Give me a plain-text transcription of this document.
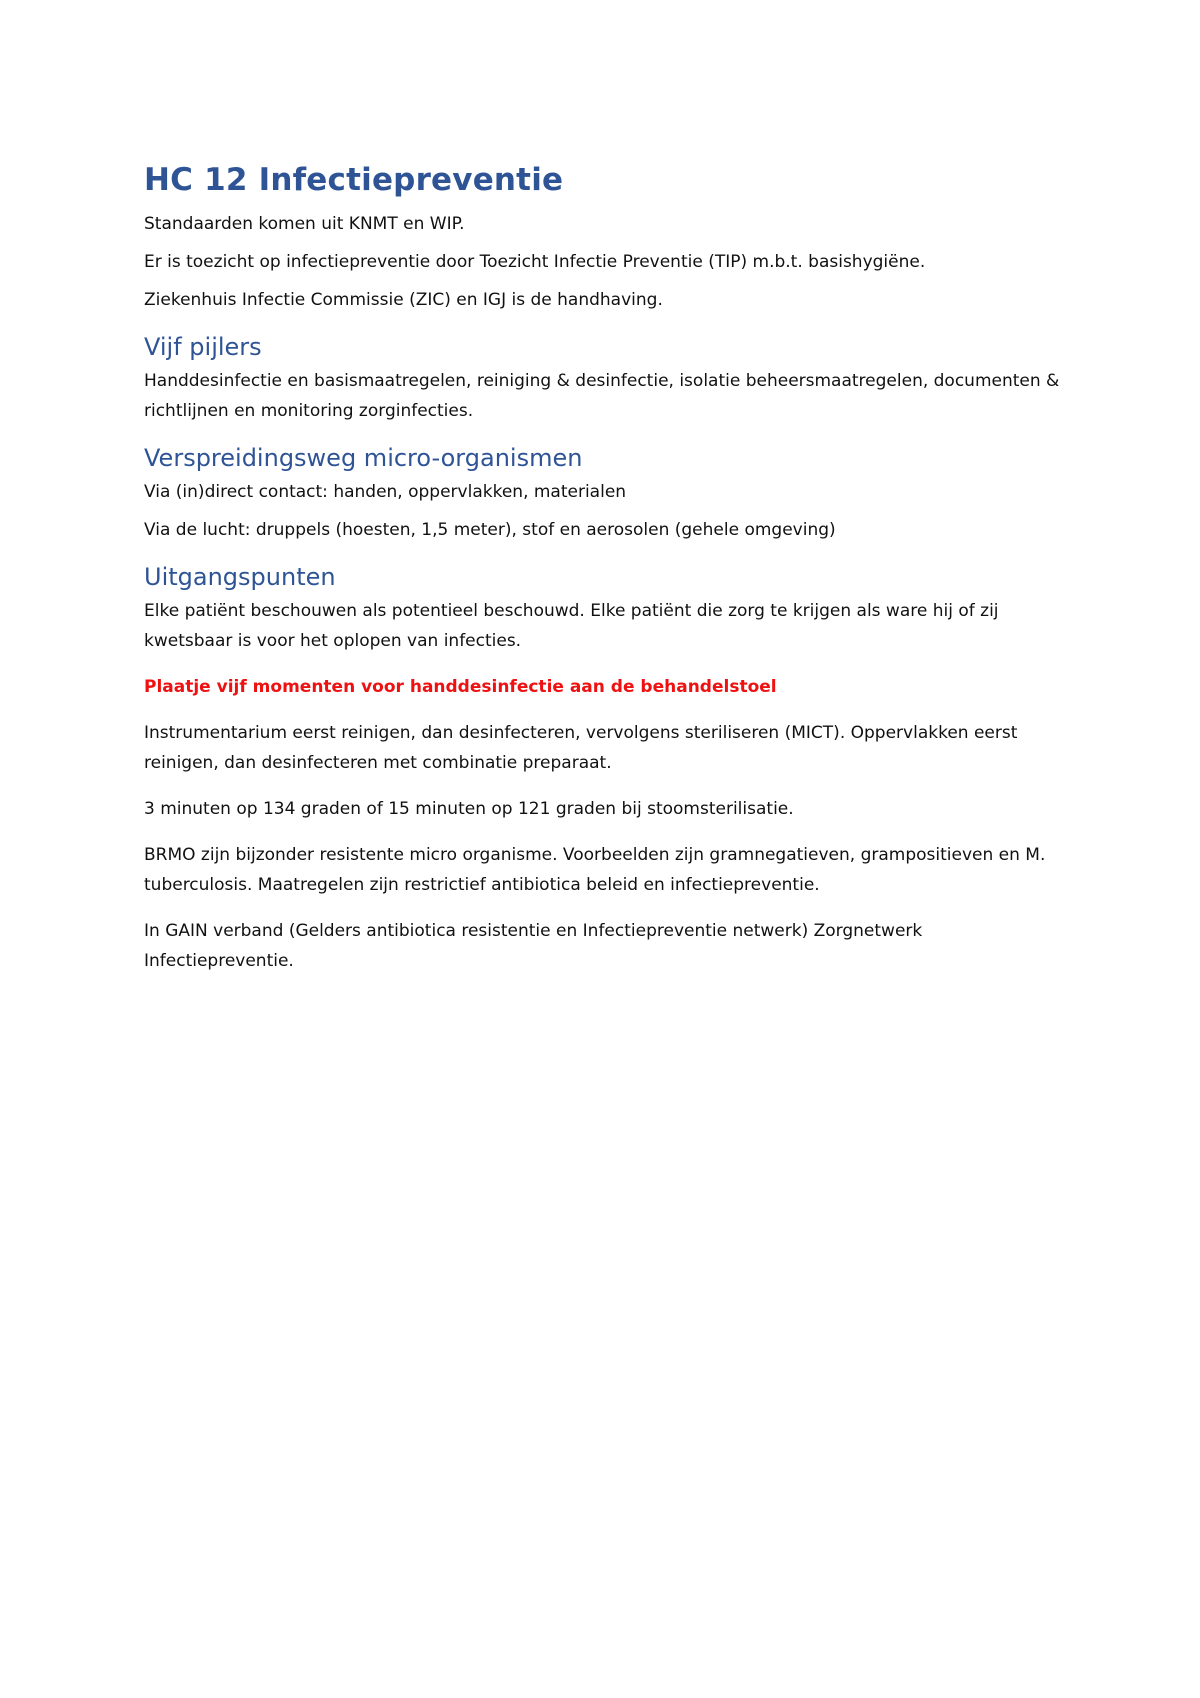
HC 12 Infectiepreventie

Standaarden komen uit KNMT en WIP.

Er is toezicht op infectiepreventie door Toezicht Infectie Preventie (TIP) m.b.t. basishygiëne.

Ziekenhuis Infectie Commissie (ZIC) en IGJ is de handhaving.

Vijf pijlers

Handdesinfectie en basismaatregelen, reiniging & desinfectie, isolatie beheersmaatregelen, documenten & richtlijnen en monitoring zorginfecties.

Verspreidingsweg micro-organismen

Via (in)direct contact: handen, oppervlakken, materialen

Via de lucht: druppels (hoesten, 1,5 meter), stof en aerosolen (gehele omgeving)

Uitgangspunten

Elke patiënt beschouwen als potentieel beschouwd. Elke patiënt die zorg te krijgen als ware hij of zij kwetsbaar is voor het oplopen van infecties.

Plaatje vijf momenten voor handdesinfectie aan de behandelstoel

Instrumentarium eerst reinigen, dan desinfecteren, vervolgens steriliseren (MICT). Oppervlakken eerst reinigen, dan desinfecteren met combinatie preparaat.

3 minuten op 134 graden of 15 minuten op 121 graden bij stoomsterilisatie.

BRMO zijn bijzonder resistente micro organisme. Voorbeelden zijn gramnegatieven, grampositieven en M. tuberculosis. Maatregelen zijn restrictief antibiotica beleid en infectiepreventie.

In GAIN verband (Gelders antibiotica resistentie en Infectiepreventie netwerk) Zorgnetwerk Infectiepreventie.
